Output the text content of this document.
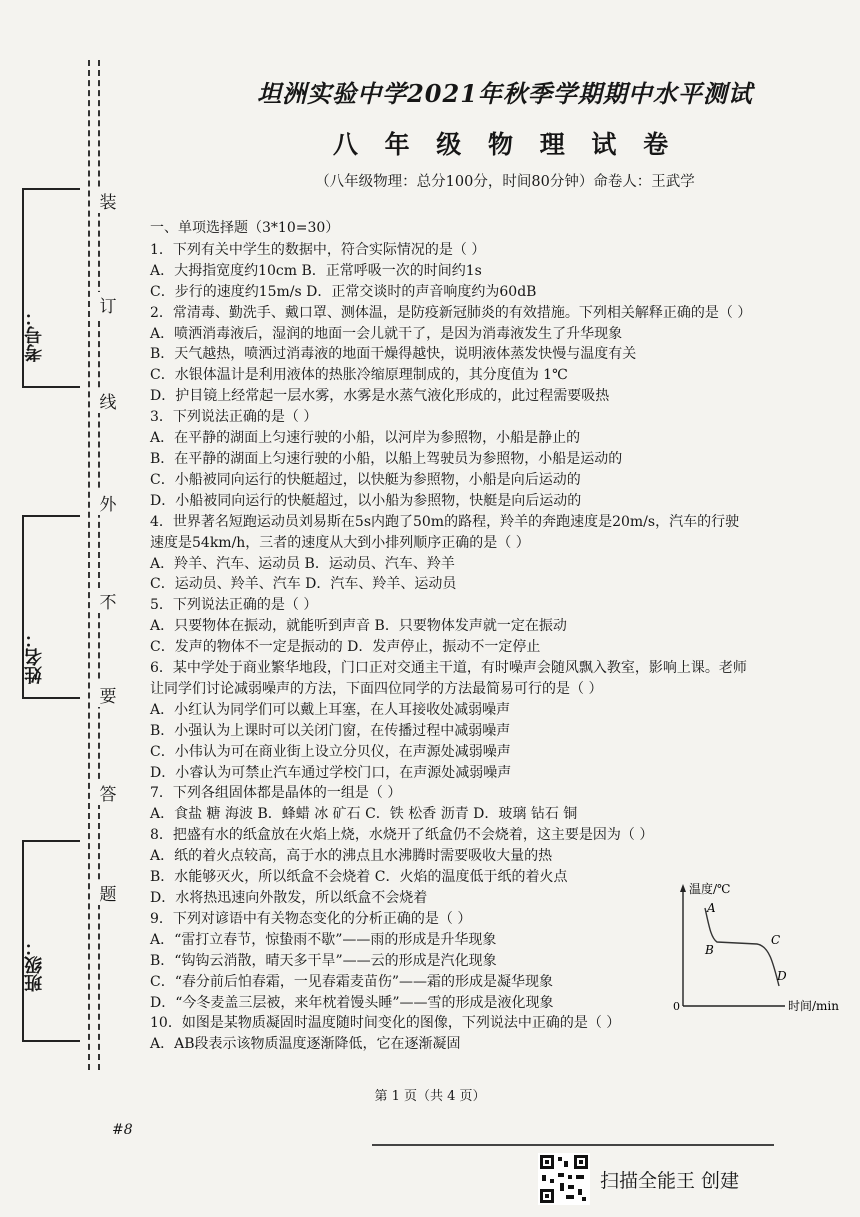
装
订
线
外
不
要
答
题
考号：
姓名：
班级：
坦洲实验中学2021年秋季学期期中水平测试
八 年 级 物 理 试 卷
（八年级物理：总分100分，时间80分钟）命卷人：王武学
一、单项选择题（3*10=30）
1．下列有关中学生的数据中，符合实际情况的是（ ）
A．大拇指宽度约10cm B．正常呼吸一次的时间约1s
C．步行的速度约15m/s D．正常交谈时的声音响度约为60dB
2．常清毒、勤洗手、戴口罩、测体温，是防疫新冠肺炎的有效措施。下列相关解释正确的是（ ）
A．喷洒消毒液后，湿润的地面一会儿就干了，是因为消毒液发生了升华现象
B．天气越热，喷洒过消毒液的地面干燥得越快，说明液体蒸发快慢与温度有关
C．水银体温计是利用液体的热胀冷缩原理制成的，其分度值为 1℃
D．护目镜上经常起一层水雾，水雾是水蒸气液化形成的，此过程需要吸热
3．下列说法正确的是（ ）
A．在平静的湖面上匀速行驶的小船，以河岸为参照物，小船是静止的
B．在平静的湖面上匀速行驶的小船，以船上驾驶员为参照物，小船是运动的
C．小船被同向运行的快艇超过，以快艇为参照物，小船是向后运动的
D．小船被同向运行的快艇超过，以小船为参照物，快艇是向后运动的
4．世界著名短跑运动员刘易斯在5s内跑了50m的路程，羚羊的奔跑速度是20m/s，汽车的行驶
速度是54km/h，三者的速度从大到小排列顺序正确的是（ ）
A．羚羊、汽车、运动员 B．运动员、汽车、羚羊
C．运动员、羚羊、汽车 D．汽车、羚羊、运动员
5．下列说法正确的是（ ）
A．只要物体在振动，就能听到声音 B．只要物体发声就一定在振动
C．发声的物体不一定是振动的 D．发声停止，振动不一定停止
6．某中学处于商业繁华地段，门口正对交通主干道，有时噪声会随风飘入教室，影响上课。老师
让同学们讨论减弱噪声的方法，下面四位同学的方法最简易可行的是（ ）
A．小红认为同学们可以戴上耳塞，在人耳接收处减弱噪声
B．小强认为上课时可以关闭门窗，在传播过程中减弱噪声
C．小伟认为可在商业街上设立分贝仪，在声源处减弱噪声
D．小睿认为可禁止汽车通过学校门口，在声源处减弱噪声
7．下列各组固体都是晶体的一组是（ ）
A．食盐 糖 海波 B．蜂蜡 冰 矿石 C．铁 松香 沥青 D．玻璃 钻石 铜
8．把盛有水的纸盒放在火焰上烧，水烧开了纸盒仍不会烧着，这主要是因为（ ）
A．纸的着火点较高，高于水的沸点且水沸腾时需要吸收大量的热
B．水能够灭火，所以纸盒不会烧着 C．火焰的温度低于纸的着火点
D．水将热迅速向外散发，所以纸盒不会烧着
9．下列对谚语中有关物态变化的分析正确的是（ ）
A．“雷打立春节，惊蛰雨不歇”——雨的形成是升华现象
B．“钩钩云消散，晴天多干旱”——云的形成是汽化现象
C．“春分前后怕春霜，一见春霜麦苗伤”——霜的形成是凝华现象
D．“今冬麦盖三层被，来年枕着馒头睡”——雪的形成是液化现象
10．如图是某物质凝固时温度随时间变化的图像，下列说法中正确的是（ ）
A．AB段表示该物质温度逐渐降低，它在逐渐凝固
温度/℃
时间/min
0
A
B
C
D
第 1 页（共 4 页）
#8
扫描全能王 创建
